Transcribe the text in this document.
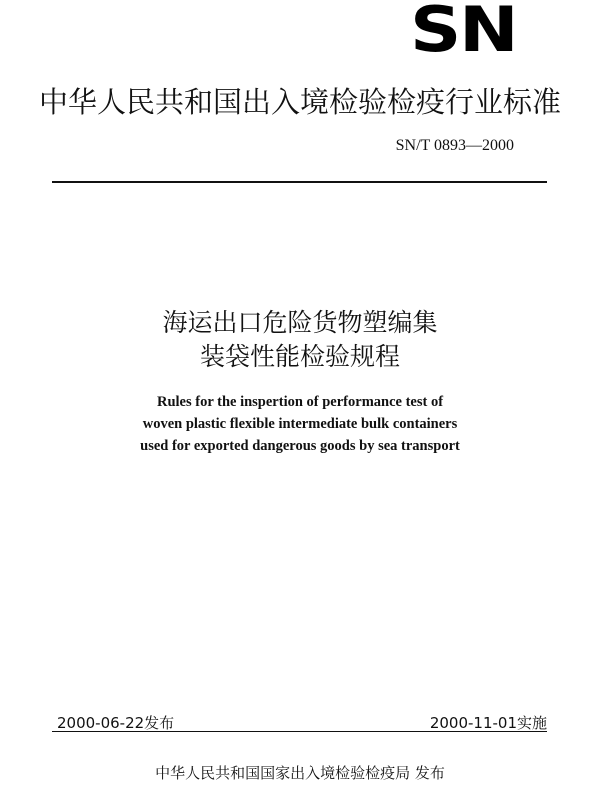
SN
中华人民共和国出入境检验检疫行业标准
SN/T 0893—2000
海运出口危险货物塑编集
装袋性能检验规程
Rules for the inspertion of performance test of
woven plastic flexible intermediate bulk containers
used for exported dangerous goods by sea transport
2000-06-22发布	2000-11-01实施
中华人民共和国国家出入境检验检疫局 发布
